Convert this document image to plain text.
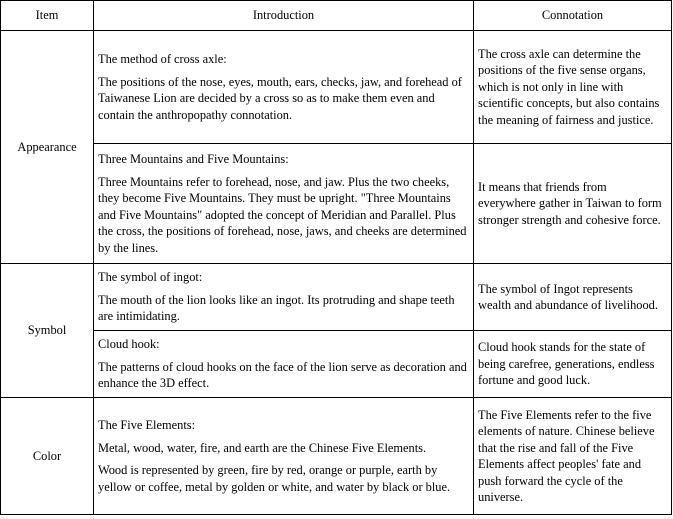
Item	Introduction	Connotation
Appearance	The method of cross axle:

The positions of the nose, eyes, mouth, ears, checks, jaw, and forehead of Taiwanese Lion are decided by a cross so as to make them even and contain the anthropopathy connotation.	The cross axle can determine the positions of the five sense organs, which is not only in line with scientific concepts, but also contains the meaning of fairness and justice.

	Three Mountains and Five Mountains:

Three Mountains refer to forehead, nose, and jaw. Plus the two cheeks, they become Five Mountains. They must be upright. "Three Mountains and Five Mountains" adopted the concept of Meridian and Parallel. Plus the cross, the positions of forehead, nose, jaws, and cheeks are determined by the lines.	It means that friends from everywhere gather in Taiwan to form stronger strength and cohesive force.

Symbol	The symbol of ingot:

The mouth of the lion looks like an ingot. Its protruding and shape teeth are intimidating.	The symbol of Ingot represents wealth and abundance of livelihood.

	Cloud hook:

The patterns of cloud hooks on the face of the lion serve as decoration and enhance the 3D effect.	Cloud hook stands for the state of being carefree, generations, endless fortune and good luck.

Color	The Five Elements:

Metal, wood, water, fire, and earth are the Chinese Five Elements.

Wood is represented by green, fire by red, orange or purple, earth by yellow or coffee, metal by golden or white, and water by black or blue.	The Five Elements refer to the five elements of nature. Chinese believe that the rise and fall of the Five Elements affect peoples' fate and push forward the cycle of the universe.
